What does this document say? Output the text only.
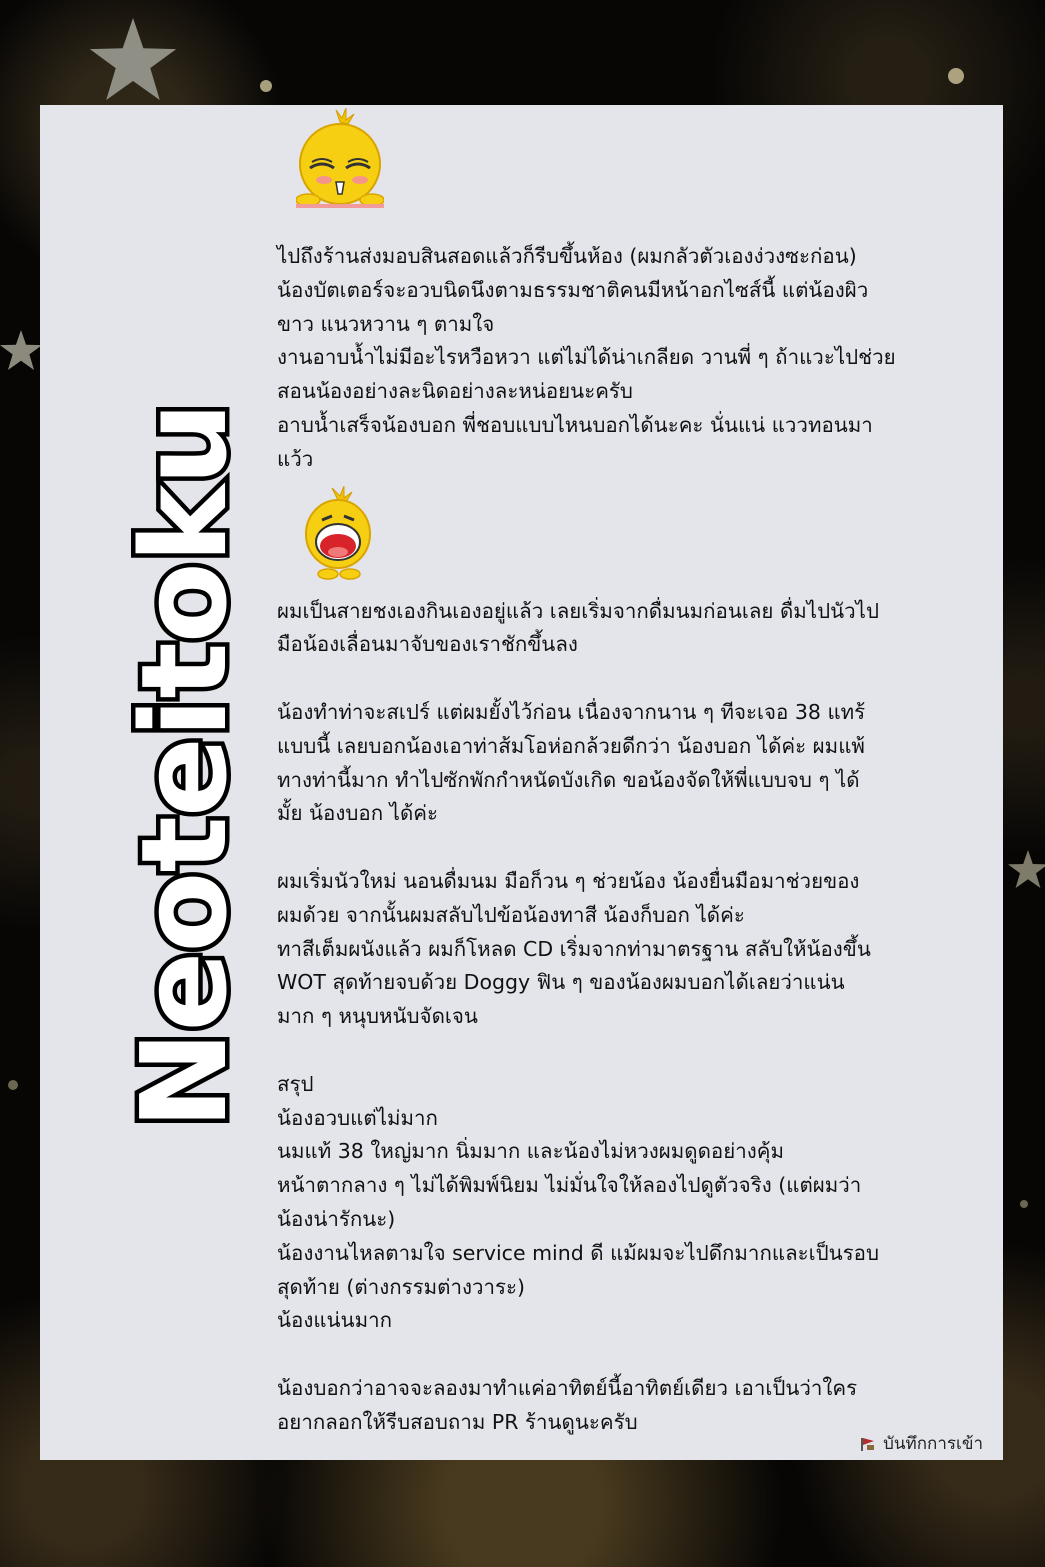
Neoteitoku

ไปถึงร้านส่งมอบสินสอดแล้วก็รีบขึ้นห้อง (ผมกลัวตัวเองง่วงซะก่อน)

น้องบัตเตอร์จะอวบนิดนึงตามธรรมชาติคนมีหน้าอกไซส์นี้ แต่น้องผิว

ขาว แนวหวาน ๆ ตามใจ

งานอาบน้ำไม่มีอะไรหวือหวา แต่ไม่ได้น่าเกลียด วานพี่ ๆ ถ้าแวะไปช่วย

สอนน้องอย่างละนิดอย่างละหน่อยนะครับ

อาบน้ำเสร็จน้องบอก พี่ชอบแบบไหนบอกได้นะคะ นั่นแน่ แววทอนมา

แว้ว

ผมเป็นสายชงเองกินเองอยู่แล้ว เลยเริ่มจากดื่มนมก่อนเลย ดื่มไปนัวไป

มือน้องเลื่อนมาจับของเราชักขึ้นลง

น้องทำท่าจะสเปร์ แต่ผมยั้งไว้ก่อน เนื่องจากนาน ๆ ทีจะเจอ 38 แทร้

แบบนี้ เลยบอกน้องเอาท่าส้มโอห่อกล้วยดีกว่า น้องบอก ได้ค่ะ ผมแพ้

ทางท่านี้มาก ทำไปซักพักกำหนัดบังเกิด ขอน้องจัดให้พี่แบบจบ ๆ ได้

มั้ย น้องบอก ได้ค่ะ

ผมเริ่มนัวใหม่ นอนดื่มนม มือก็วน ๆ ช่วยน้อง น้องยื่นมือมาช่วยของ

ผมด้วย จากนั้นผมสลับไปข้อน้องทาสี น้องก็บอก ได้ค่ะ

ทาสีเต็มผนังแล้ว ผมก็โหลด CD เริ่มจากท่ามาตรฐาน สลับให้น้องขึ้น

WOT สุดท้ายจบด้วย Doggy ฟิน ๆ ของน้องผมบอกได้เลยว่าแน่น

มาก ๆ หนุบหนับจัดเจน

สรุป

น้องอวบแต่ไม่มาก

นมแท้ 38 ใหญ่มาก นิ่มมาก และน้องไม่หวงผมดูดอย่างคุ้ม

หน้าตากลาง ๆ ไม่ได้พิมพ์นิยม ไม่มั่นใจให้ลองไปดูตัวจริง (แต่ผมว่า

น้องน่ารักนะ)

น้องงานไหลตามใจ service mind ดี แม้ผมจะไปดึกมากและเป็นรอบ

สุดท้าย (ต่างกรรมต่างวาระ)

น้องแน่นมาก

น้องบอกว่าอาจจะลองมาทำแค่อาทิตย์นี้อาทิตย์เดียว เอาเป็นว่าใคร

อยากลอกให้รีบสอบถาม PR ร้านดูนะครับ

บันทึกการเข้า
